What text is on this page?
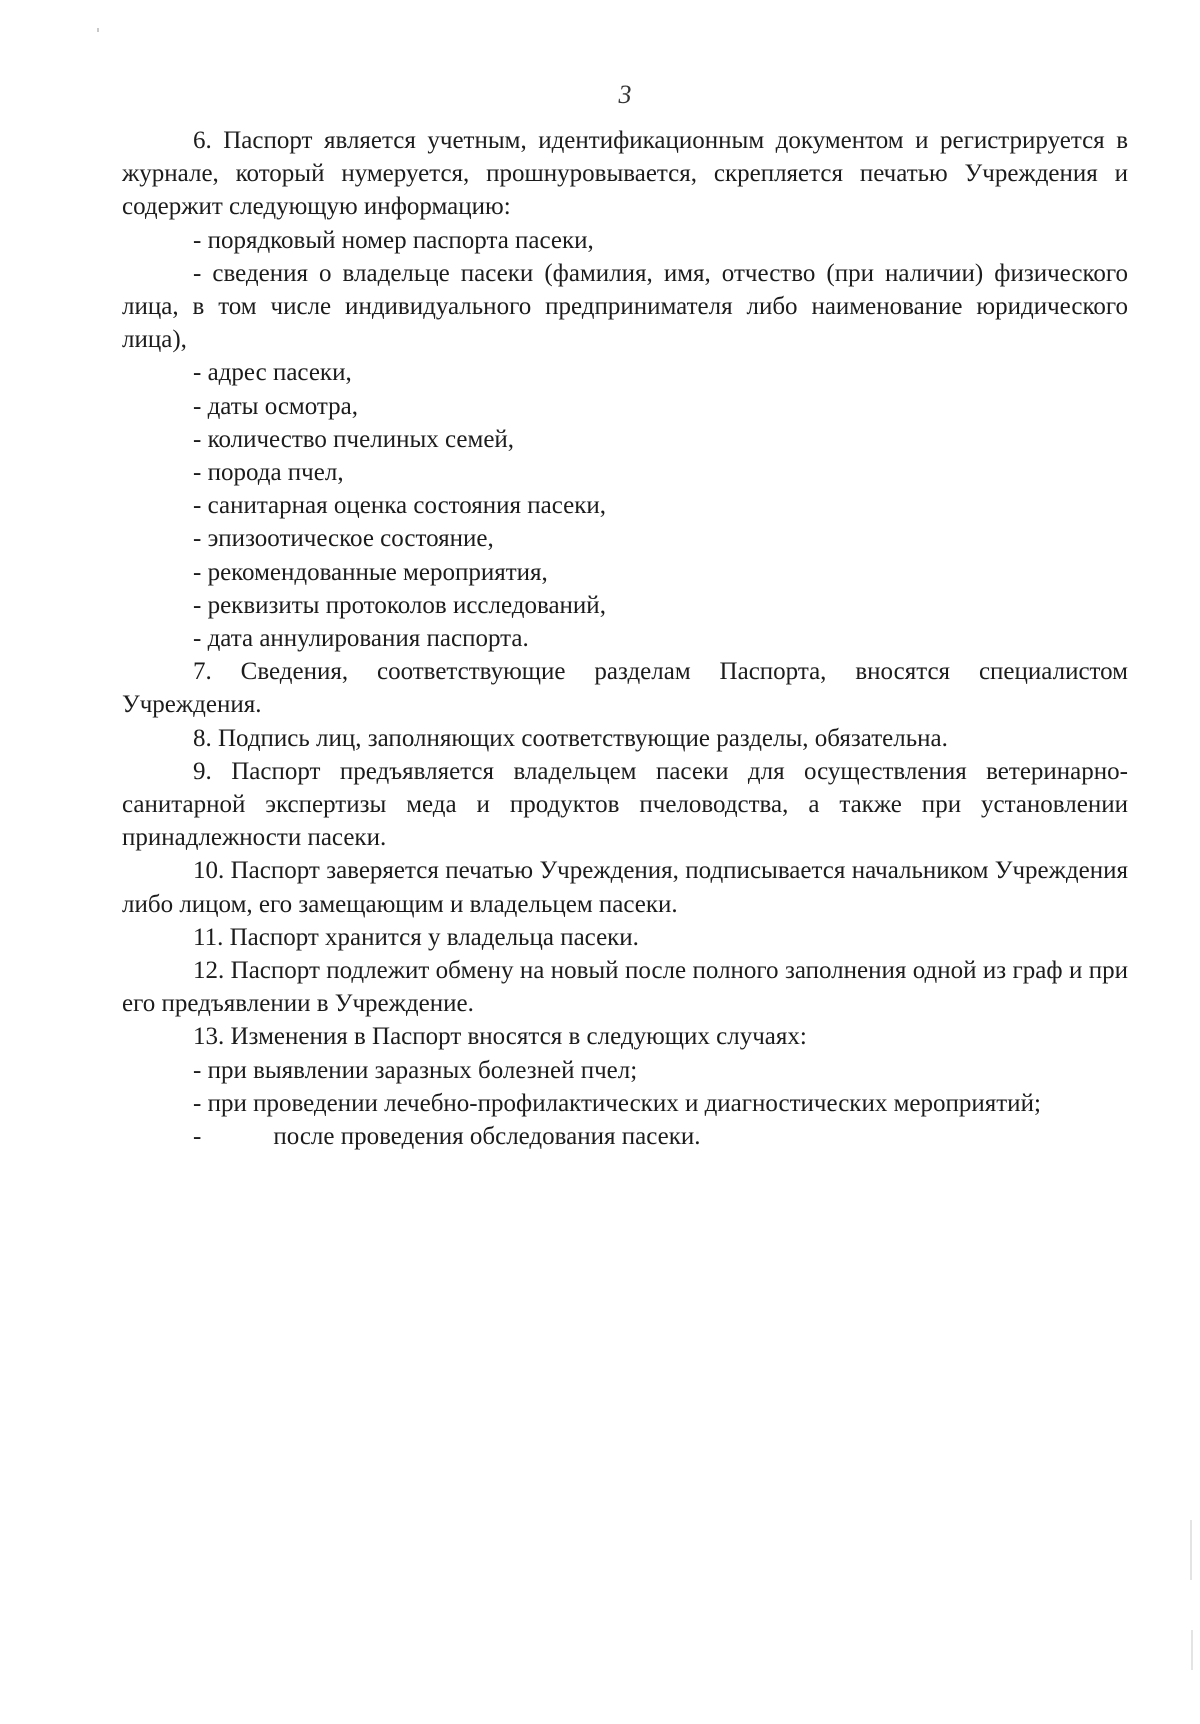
3

6. Паспорт является учетным, идентификационным документом и регистрируется в журнале, который нумеруется, прошнуровывается, скрепляется печатью Учреждения и содержит следующую информацию:

- порядковый номер паспорта пасеки,

- сведения о владельце пасеки (фамилия, имя, отчество (при наличии) физического лица, в том числе индивидуального предпринимателя либо наименование юридического лица),

- адрес пасеки,

- даты осмотра,

- количество пчелиных семей,

- порода пчел,

- санитарная оценка состояния пасеки,

- эпизоотическое состояние,

- рекомендованные мероприятия,

- реквизиты протоколов исследований,

- дата аннулирования паспорта.

7. Сведения, соответствующие разделам Паспорта, вносятся специалистом Учреждения.

8. Подпись лиц, заполняющих соответствующие разделы, обязательна.

9. Паспорт предъявляется владельцем пасеки для осуществления ветеринарно-санитарной экспертизы меда и продуктов пчеловодства, а также при установлении принадлежности пасеки.

10. Паспорт заверяется печатью Учреждения, подписывается начальником Учреждения либо лицом, его замещающим и владельцем пасеки.

11. Паспорт хранится у владельца пасеки.

12. Паспорт подлежит обмену на новый после полного заполнения одной из граф и при его предъявлении в Учреждение.

13. Изменения в Паспорт вносятся в следующих случаях:

- при выявлении заразных болезней пчел;

- при проведении лечебно-профилактических и диагностических мероприятий;

-	после проведения обследования пасеки.
